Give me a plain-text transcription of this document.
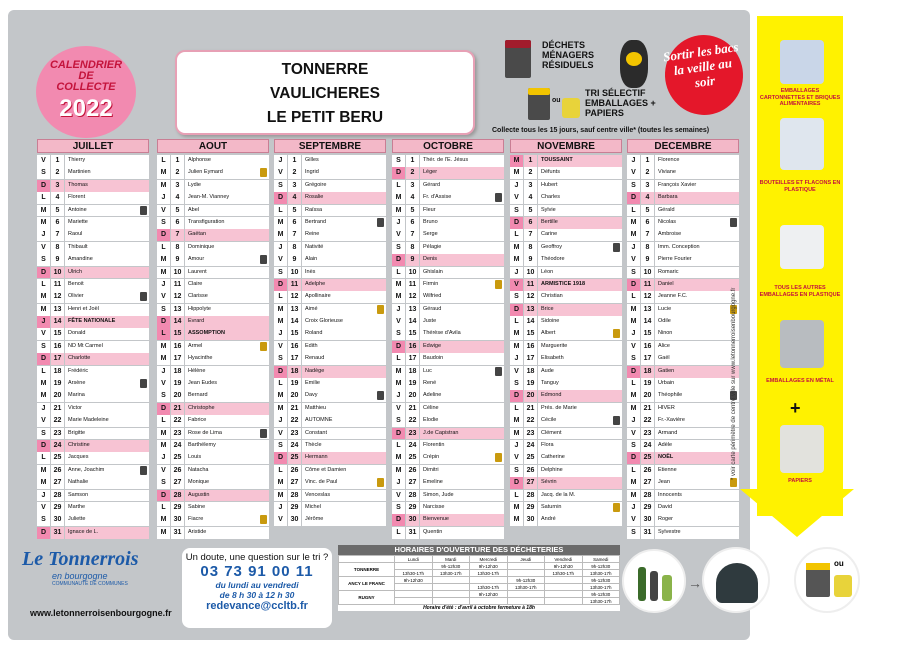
CALENDRIER
DE
COLLECTE
2022
TONNERRE
VAULICHERES
LE PETIT BERU
DÉCHETS MÉNAGERS RÉSIDUELS
ou
TRI SÉLECTIF EMBALLAGES + PAPIERS
Sortir les bacs la veille au soir
Collecte tous les 15 jours, sauf centre ville* (toutes les semaines)
JUILLET
V	1	Thierry
S	2	Martinien
D	3	Thomas
L	4	Florent
M	5	Antoine
M	6	Mariette
J	7	Raoul
V	8	Thibault
S	9	Amandine
D	10	Ulrich
L	11	Benoit
M	12	Olivier
M	13	Henri et Joël
J	14	FÊTE NATIONALE
V	15	Donald
S	16	ND Mt Carmel
D	17	Charlotte
L	18	Frédéric
M	19	Arsène
M	20	Marina
J	21	Victor
V	22	Marie Madeleine
S	23	Brigitte
D	24	Christine
L	25	Jacques
M	26	Anne, Joachim
M	27	Nathalie
J	28	Samson
V	29	Marthe
S	30	Juliette
D	31	Ignace de L.
AOUT
L	1	Alphonse
M	2	Julien Eymard
M	3	Lydie
J	4	Jean-M. Vianney
V	5	Abel
S	6	Transfiguration
D	7	Gaëtan
L	8	Dominique
M	9	Amour
M	10	Laurent
J	11	Claire
V	12	Clarisse
S	13	Hippolyte
D	14	Evrard
L	15	ASSOMPTION
M	16	Armel
M	17	Hyacinthe
J	18	Hélène
V	19	Jean Eudes
S	20	Bernard
D	21	Christophe
L	22	Fabrice
M	23	Rose de Lima
M	24	Barthélemy
J	25	Louis
V	26	Natacha
S	27	Monique
D	28	Augustin
L	29	Sabine
M	30	Fiacre
M	31	Aristide
SEPTEMBRE
J	1	Gilles
V	2	Ingrid
S	3	Grégoire
D	4	Rosalie
L	5	Raïssa
M	6	Bertrand
M	7	Reine
J	8	Nativité
V	9	Alain
S	10	Inès
D	11	Adelphe
L	12	Apollinaire
M	13	Aimé
M	14	Croix Glorieuse
J	15	Roland
V	16	Edith
S	17	Renaud
D	18	Nadège
L	19	Emilie
M	20	Davy
M	21	Matthieu
J	22	AUTOMNE
V	23	Constant
S	24	Thècle
D	25	Hermann
L	26	Côme et Damien
M	27	Vinc. de Paul
M	28	Venceslas
J	29	Michel
V	30	Jérôme
OCTOBRE
S	1	Thér. de l'E. Jésus
D	2	Léger
L	3	Gérard
M	4	Fr. d'Assise
M	5	Fleur
J	6	Bruno
V	7	Serge
S	8	Pélagie
D	9	Denis
L	10	Ghislain
M	11	Firmin
M	12	Wilfried
J	13	Géraud
V	14	Juste
S	15	Thérèse d'Avila
D	16	Edwige
L	17	Baudoin
M	18	Luc
M	19	René
J	20	Adeline
V	21	Céline
S	22	Elodie
D	23	J.de Capistran
L	24	Florentin
M	25	Crépin
M	26	Dimitri
J	27	Emeline
V	28	Simon, Jude
S	29	Narcisse
D	30	Bienvenue
L	31	Quentin
NOVEMBRE
M	1	TOUSSAINT
M	2	Défunts
J	3	Hubert
V	4	Charles
S	5	Sylvie
D	6	Bertille
L	7	Carine
M	8	Geoffroy
M	9	Théodore
J	10	Léon
V	11	ARMISTICE 1918
S	12	Christian
D	13	Brice
L	14	Sidoine
M	15	Albert
M	16	Marguerite
J	17	Elisabeth
V	18	Aude
S	19	Tanguy
D	20	Edmond
L	21	Prés. de Marie
M	22	Cécile
M	23	Clément
J	24	Flora
V	25	Catherine
S	26	Delphine
D	27	Sévrin
L	28	Jacq. de la M.
M	29	Saturnin
M	30	André
DECEMBRE
J	1	Florence
V	2	Viviane
S	3	François Xavier
D	4	Barbara
L	5	Gérald
M	6	Nicolas
M	7	Ambroise
J	8	Imm. Conception
V	9	Pierre Fourier
S	10	Romaric
D	11	Daniel
L	12	Jeanne F.C.
M	13	Lucie
M	14	Odile
J	15	Ninon
V	16	Alice
S	17	Gaël
D	18	Gatien
L	19	Urbain
M	20	Théophile
M	21	HIVER
J	22	Fr.-Xavière
V	23	Armand
S	24	Adèle
D	25	NOËL
L	26	Etienne
M	27	Jean
M	28	Innocents
J	29	David
V	30	Roger
S	31	Sylvestre
EMBALLAGES CARTONNETTES ET BRIQUES ALIMENTAIRES
BOUTEILLES ET FLACONS EN PLASTIQUE
TOUS LES AUTRES EMBALLAGES EN PLASTIQUE
EMBALLAGES EN MÉTAL
+
PAPIERS
* voir carte périmètre de centre ville sur www.letonnerroisenbourgogne.fr
Le Tonnerrois
en bourgogne
COMMUNAUTÉ DE COMMUNES
www.letonnerroisenbourgogne.fr
Un doute, une question sur le tri ?
03 73 91 00 11
du lundi au vendredi
de 8 h 30 à 12 h 30
redevance@ccltb.fr
HORAIRES D'OUVERTURE DES DÉCHETERIES
	Lundi	Mardi	Mercredi	Jeudi	Vendredi	Samedi
TONNERRE		9h-12h30	9h-12h30		9h-12h30	9h-12h30
	13h30-17h	13h30-17h	13h30-17h		13h30-17h	13h30-17h
ANCY LE FRANC	9h-12h30			9h-12h30		9h-12h30
			13h30-17h	13h30-17h		13h30-17h
RUGNY			9h-12h30			9h-12h30
						13h30-17h
Horaire d'été : d'avril à octobre fermeture à 18h
→
ou
